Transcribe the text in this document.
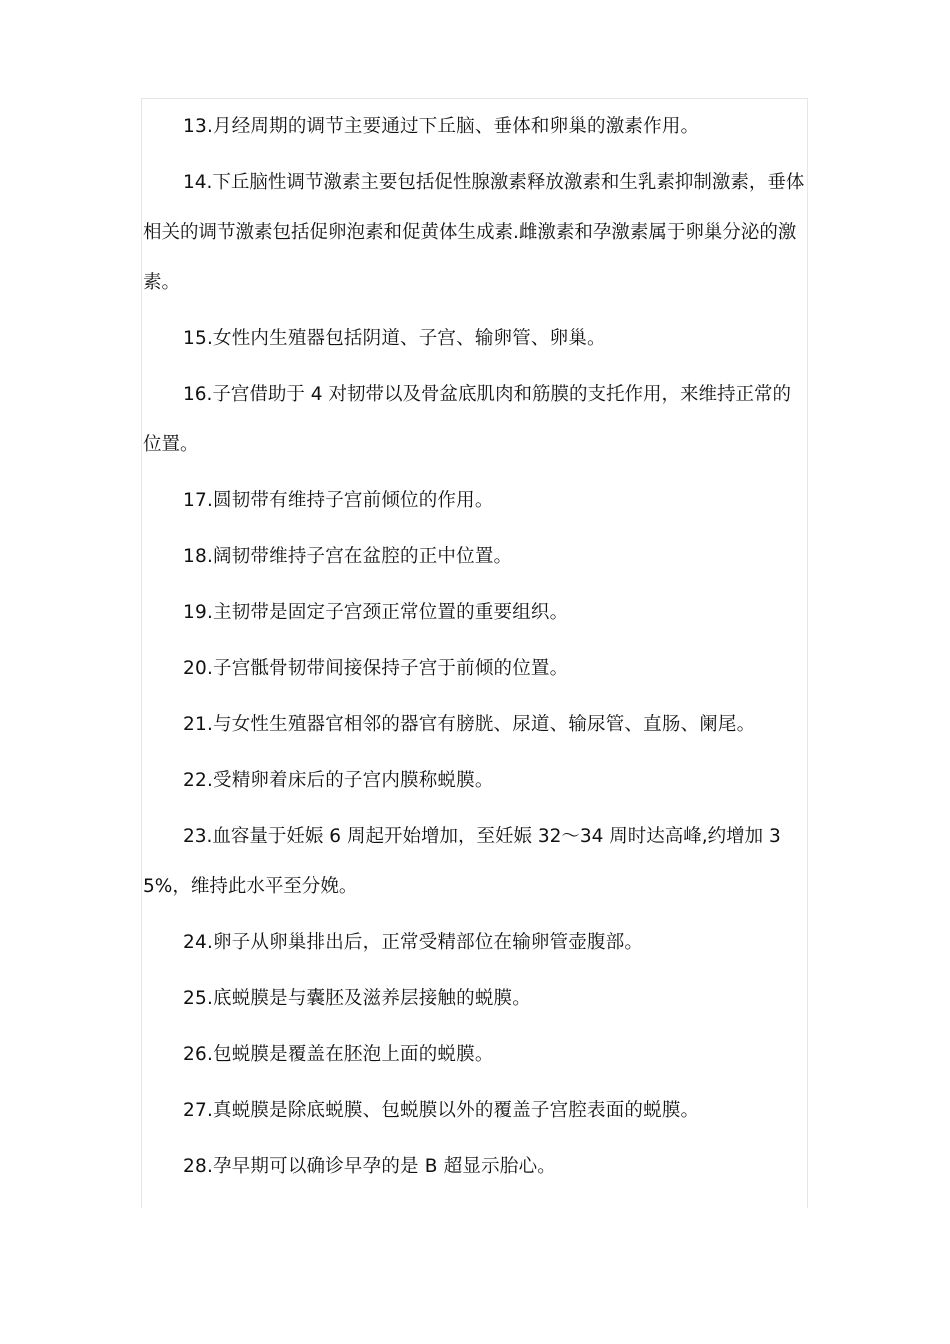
13.月经周期的调节主要通过下丘脑、垂体和卵巢的激素作用。

14.下丘脑性调节激素主要包括促性腺激素释放激素和生乳素抑制激素，垂体相关的调节激素包括促卵泡素和促黄体生成素.雌激素和孕激素属于卵巢分泌的激素。

15.女性内生殖器包括阴道、子宫、输卵管、卵巢。

16.子宫借助于 4 对韧带以及骨盆底肌肉和筋膜的支托作用，来维持正常的位置。

17.圆韧带有维持子宫前倾位的作用。

18.阔韧带维持子宫在盆腔的正中位置。

19.主韧带是固定子宫颈正常位置的重要组织。

20.子宫骶骨韧带间接保持子宫于前倾的位置。

21.与女性生殖器官相邻的器官有膀胱、尿道、输尿管、直肠、阑尾。

22.受精卵着床后的子宫内膜称蜕膜。

23.血容量于妊娠 6 周起开始增加，至妊娠 32～34 周时达高峰,约增加 35%，维持此水平至分娩。

24.卵子从卵巢排出后，正常受精部位在输卵管壶腹部。

25.底蜕膜是与囊胚及滋养层接触的蜕膜。

26.包蜕膜是覆盖在胚泡上面的蜕膜。

27.真蜕膜是除底蜕膜、包蜕膜以外的覆盖子宫腔表面的蜕膜。

28.孕早期可以确诊早孕的是 B 超显示胎心。
